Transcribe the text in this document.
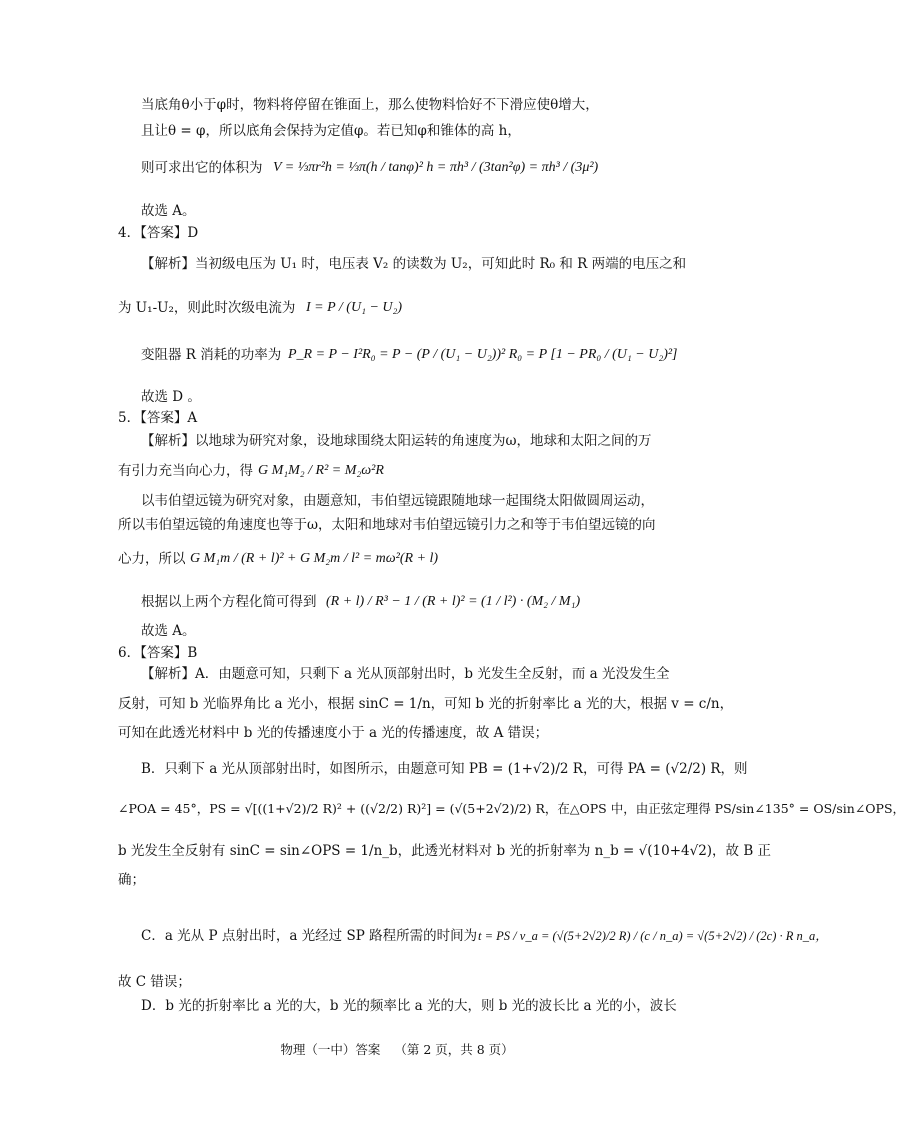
当底角θ小于φ时，物料将停留在锥面上，那么使物料恰好不下滑应使θ增大，
且让θ = φ，所以底角会保持为定值φ。若已知φ和锥体的高 h，
则可求出它的体积为 V = ⅓πr²h = ⅓π(h / tanφ)² h = πh³ / (3tan²φ) = πh³ / (3μ²)
故选 A。
4．【答案】D
【解析】当初级电压为 U₁ 时，电压表 V₂ 的读数为 U₂，可知此时 R₀ 和 R 两端的电压之和
为 U₁-U₂，则此时次级电流为 I = P / (U₁ − U₂)
变阻器 R 消耗的功率为 P_R = P − I²R₀ = P − (P / (U₁ − U₂))² R₀ = P [1 − PR₀ / (U₁ − U₂)²]
故选 D 。
5．【答案】A
【解析】以地球为研究对象，设地球围绕太阳运转的角速度为ω，地球和太阳之间的万
有引力充当向心力，得 G M₁M₂ / R² = M₂ω²R
以韦伯望远镜为研究对象，由题意知，韦伯望远镜跟随地球一起围绕太阳做圆周运动，
所以韦伯望远镜的角速度也等于ω，太阳和地球对韦伯望远镜引力之和等于韦伯望远镜的向
心力，所以 G M₁m / (R + l)² + G M₂m / l² = mω²(R + l)
根据以上两个方程化简可得到 (R + l) / R³ − 1 / (R + l)² = (1 / l²) · (M₂ / M₁)
故选 A。
6．【答案】B
【解析】A．由题意可知，只剩下 a 光从顶部射出时，b 光发生全反射，而 a 光没发生全
反射，可知 b 光临界角比 a 光小，根据 sinC = 1/n，可知 b 光的折射率比 a 光的大，根据 v = c/n，
可知在此透光材料中 b 光的传播速度小于 a 光的传播速度，故 A 错误；
B．只剩下 a 光从顶部射出时，如图所示，由题意可知 PB = (1+√2)/2 R，可得 PA = (√2/2) R，则
∠POA = 45°，PS = √[((1+√2)/2 R)² + ((√2/2) R)²] = (√(5+2√2)/2) R，在△OPS 中，由正弦定理得 PS/sin∠135° = OS/sin∠OPS，
b 光发生全反射有 sinC = sin∠OPS = 1/n_b，此透光材料对 b 光的折射率为 n_b = √(10+4√2)，故 B 正
确；
C．a 光从 P 点射出时，a 光经过 SP 路程所需的时间为 t = PS / v_a = (√(5+2√2)/2 R) / (c / n_a) = √(5+2√2) / (2c) · R n_a，
故 C 错误；
D．b 光的折射率比 a 光的大，b 光的频率比 a 光的大，则 b 光的波长比 a 光的小，波长
物理（一中）答案 （第 2 页，共 8 页）
